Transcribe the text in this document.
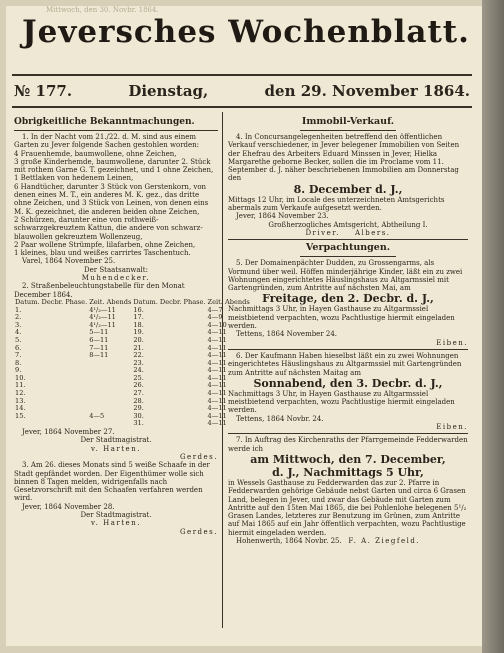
Mittwoch, den 30. Novbr. 1864.
Jeversches Wochenblatt.
№ 177.	Dienstag,	den 29. November 1864.

Obrigkeitliche Bekanntmachungen.

1. In der Nacht vom 21./22. d. M. sind aus einem Garten zu Jever folgende Sachen gestohlen worden:

4 Frauenhemde, baumwollene, ohne Zeichen,

3 große Kinderhemde, baumwollene, darunter 2. Stück mit rothem Garne G. T. gezeichnet, und 1 ohne Zeichen,

1 Bettlaken von hedenem Leinen,

6 Handtücher, darunter 3 Stück von Gerstenkorn, von denen eines M. T., ein anderes M. K. gez., das dritte ohne Zeichen, und 3 Stück von Leinen, von denen eins M. K. gezeichnet, die anderen beiden ohne Zeichen,

2 Schürzen, darunter eine von rothweiß-schwarzgekreuztem Kattun, die andere von schwarz-blauwollen gekreuztem Wollenzeug,

2 Paar wollene Strümpfe, lilafarben, ohne Zeichen,

1 kleines, blau und weißes carrirtes Taschentuch.

Varel, 1864 November 25.

Der Staatsanwalt:

Muhendecker.

2. Straßenbeleuchtungstabelle für den Monat December 1864.

Datum. Decbr.	Phase.	Zeit. Abends	Datum. Decbr.	Phase.	Zeit. Abends
1.		4¹/₂—11	16.		4—7
2.		4¹/₂—11	17.		4—9
3.		4¹/₂—11	18.		4—10
4.		5—11	19.		4—11
5.		6—11	20.		4—11
6.		7—11	21.		4—11
7.		8—11	22.		4—11
8.			23.		4—11
9.			24.		4—11
10.			25.		4—11
11.			26.		4—11
12.			27.		4—11
13.			28.		4—11
14.			29.		4—11
15.		4—5	30.		4—11
			31.		4—11

Jever, 1864 November 27.

Der Stadtmagistrat.

v. Harten.

Gerdes.

3. Am 26. dieses Monats sind 5 weiße Schaafe in der Stadt gepfändet worden. Der Eigenthümer wolle sich binnen 8 Tagen melden, widrigenfalls nach Gesetzvorschrift mit den Schaafen verfahren werden wird.

Jever, 1864 November 28.

Der Stadtmagistrat.

v. Harten.

Gerdes.

Immobil-Verkauf.

4. In Concursangelegenheiten betreffend den öffentlichen Verkauf verschiedener, in Jever belegener Immobilien von Seiten der Ehefrau des Arbeiters Eduard Minssen in Jever, Hielka Margarethe geborne Becker, sollen die im Proclame vom 11. September d. J. näher beschriebenen Immobilien am Donnerstag den

8. December d. J.,

Mittags 12 Uhr, im Locale des unterzeichneten Amtsgerichts abermals zum Verkaufe aufgesetzt werden.

Jever, 1864 November 23.

Großherzogliches Amtsgericht, Abtheilung I.

Driver. Albers.

Verpachtungen.

5. Der Domainenpächter Dudden, zu Grossengarms, als Vormund über weil. Höffen minderjährige Kinder, läßt ein zu zwei Wohnungen eingerichtetes Häuslingshaus zu Altgarmssiel mit Gartengründen, zum Antritte auf nächsten Mai, am

Freitage, den 2. Decbr. d. J.,

Nachmittags 3 Uhr, in Hayen Gasthause zu Altgarmssiel meistbietend verpachten, wozu Pachtlustige hiermit eingeladen werden.

Tettens, 1864 November 24.

Eiben.

6. Der Kaufmann Haben hieselbst läßt ein zu zwei Wohnungen eingerichtetes Häuslingshaus zu Altgarmssiel mit Gartengründen zum Antritte auf nächsten Maitag am

Sonnabend, den 3. Decbr. d. J.,

Nachmittags 3 Uhr, in Hayen Gasthause zu Altgarmssiel meistbietend verpachten, wozu Pachtlustige hiermit eingeladen werden.

Tettens, 1864 Novbr. 24.

Eiben.

7. In Auftrag des Kirchenraths der Pfarrgemeinde Fedderwarden werde ich

am Mittwoch, den 7. December,

d. J., Nachmittags 5 Uhr,

in Wessels Gasthause zu Fedderwarden das zur 2. Pfarre in Fedderwarden gehörige Gebäude nebst Garten und circa 6 Grasen Land, belegen in Jever, und zwar das Gebäude mit Garten zum Antritte auf den 15ten Mai 1865, die bei Pohlenlohe belegenen 5¹/₂ Grasen Landes, letzteres zur Benutzung im Grünen, zum Antritte auf Mai 1865 auf ein Jahr öffentlich verpachten, wozu Pachtlustige hiermit eingeladen werden.

Hohenwerth, 1864 Novbr. 25. F. A. Ziegfeld.
